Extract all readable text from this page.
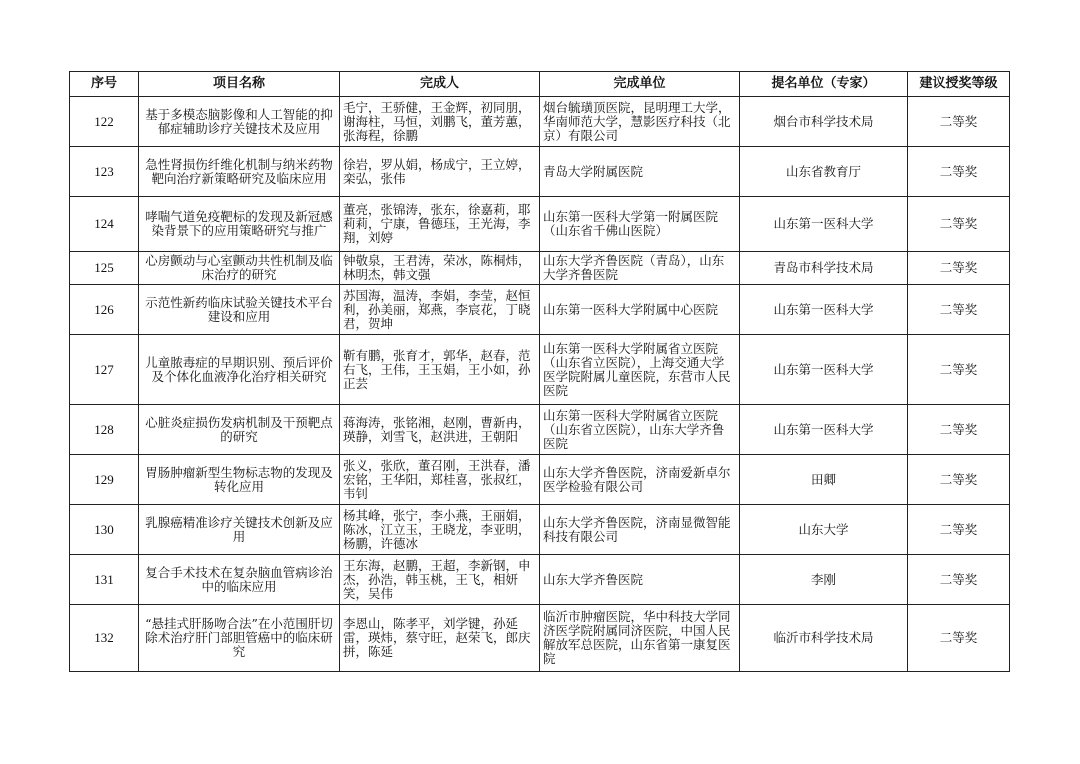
序号	项目名称	完成人	完成单位	提名单位（专家）	建议授奖等级
122	基于多模态脑影像和人工智能的抑郁症辅助诊疗关键技术及应用	毛宁，王骄健，王金辉，初同朋，谢海柱，马恒，刘鹏飞，董芳蕙，张海程，徐鹏	烟台毓璜顶医院，昆明理工大学，华南师范大学，慧影医疗科技（北京）有限公司	烟台市科学技术局	二等奖
123	急性肾损伤纤维化机制与纳米药物靶向治疗新策略研究及临床应用	徐岩，罗从娟，杨成宁，王立婷，栾弘，张伟	青岛大学附属医院	山东省教育厅	二等奖
124	哮喘气道免疫靶标的发现及新冠感染背景下的应用策略研究与推广	董亮，张锦涛，张东，徐嘉莉，耶莉莉，宁康，鲁德珏，王光海，李翔，刘婷	山东第一医科大学第一附属医院（山东省千佛山医院）	山东第一医科大学	二等奖
125	心房颤动与心室颤动共性机制及临床治疗的研究	钟敬泉，王君涛，荣冰，陈桐炜，林明杰，韩文强	山东大学齐鲁医院（青岛），山东大学齐鲁医院	青岛市科学技术局	二等奖
126	示范性新药临床试验关键技术平台建设和应用	苏国海，温涛，李娟，李莹，赵恒利，孙美丽，郑燕，李宸花，丁晓君，贺坤	山东第一医科大学附属中心医院	山东第一医科大学	二等奖
127	儿童脓毒症的早期识别、预后评价及个体化血液净化治疗相关研究	靳有鹏，张育才，郭华，赵春，范右飞，王伟，王玉娟，王小如，孙正芸	山东第一医科大学附属省立医院（山东省立医院），上海交通大学医学院附属儿童医院，东营市人民医院	山东第一医科大学	二等奖
128	心脏炎症损伤发病机制及干预靶点的研究	蒋海涛，张铭湘，赵刚，曹新冉，瑛静，刘雪飞，赵洪进，王朝阳	山东第一医科大学附属省立医院（山东省立医院），山东大学齐鲁医院	山东第一医科大学	二等奖
129	胃肠肿瘤新型生物标志物的发现及转化应用	张义，张欣，董召刚，王洪春，潘宏铭，王华阳，郑桂喜，张叔红，韦钊	山东大学齐鲁医院，济南爱新卓尔医学检验有限公司	田卿	二等奖
130	乳腺癌精准诊疗关键技术创新及应用	杨其峰，张宁，李小燕，王丽娟，陈冰，江立玉，王晓龙，李亚明，杨鹏，许德冰	山东大学齐鲁医院，济南显微智能科技有限公司	山东大学	二等奖
131	复合手术技术在复杂脑血管病诊治中的临床应用	王东海，赵鹏，王超，李新钢，申杰，孙浩，韩玉桃，王飞，相妍笑，吴伟	山东大学齐鲁医院	李刚	二等奖
132	“悬挂式肝肠吻合法”在小范围肝切除术治疗肝门部胆管癌中的临床研究	李恩山，陈孝平，刘学键，孙延雷，瑛炜，蔡守旺，赵荣飞，郎庆拼，陈延	临沂市肿瘤医院，华中科技大学同济医学院附属同济医院，中国人民解放军总医院，山东省第一康复医院	临沂市科学技术局	二等奖
